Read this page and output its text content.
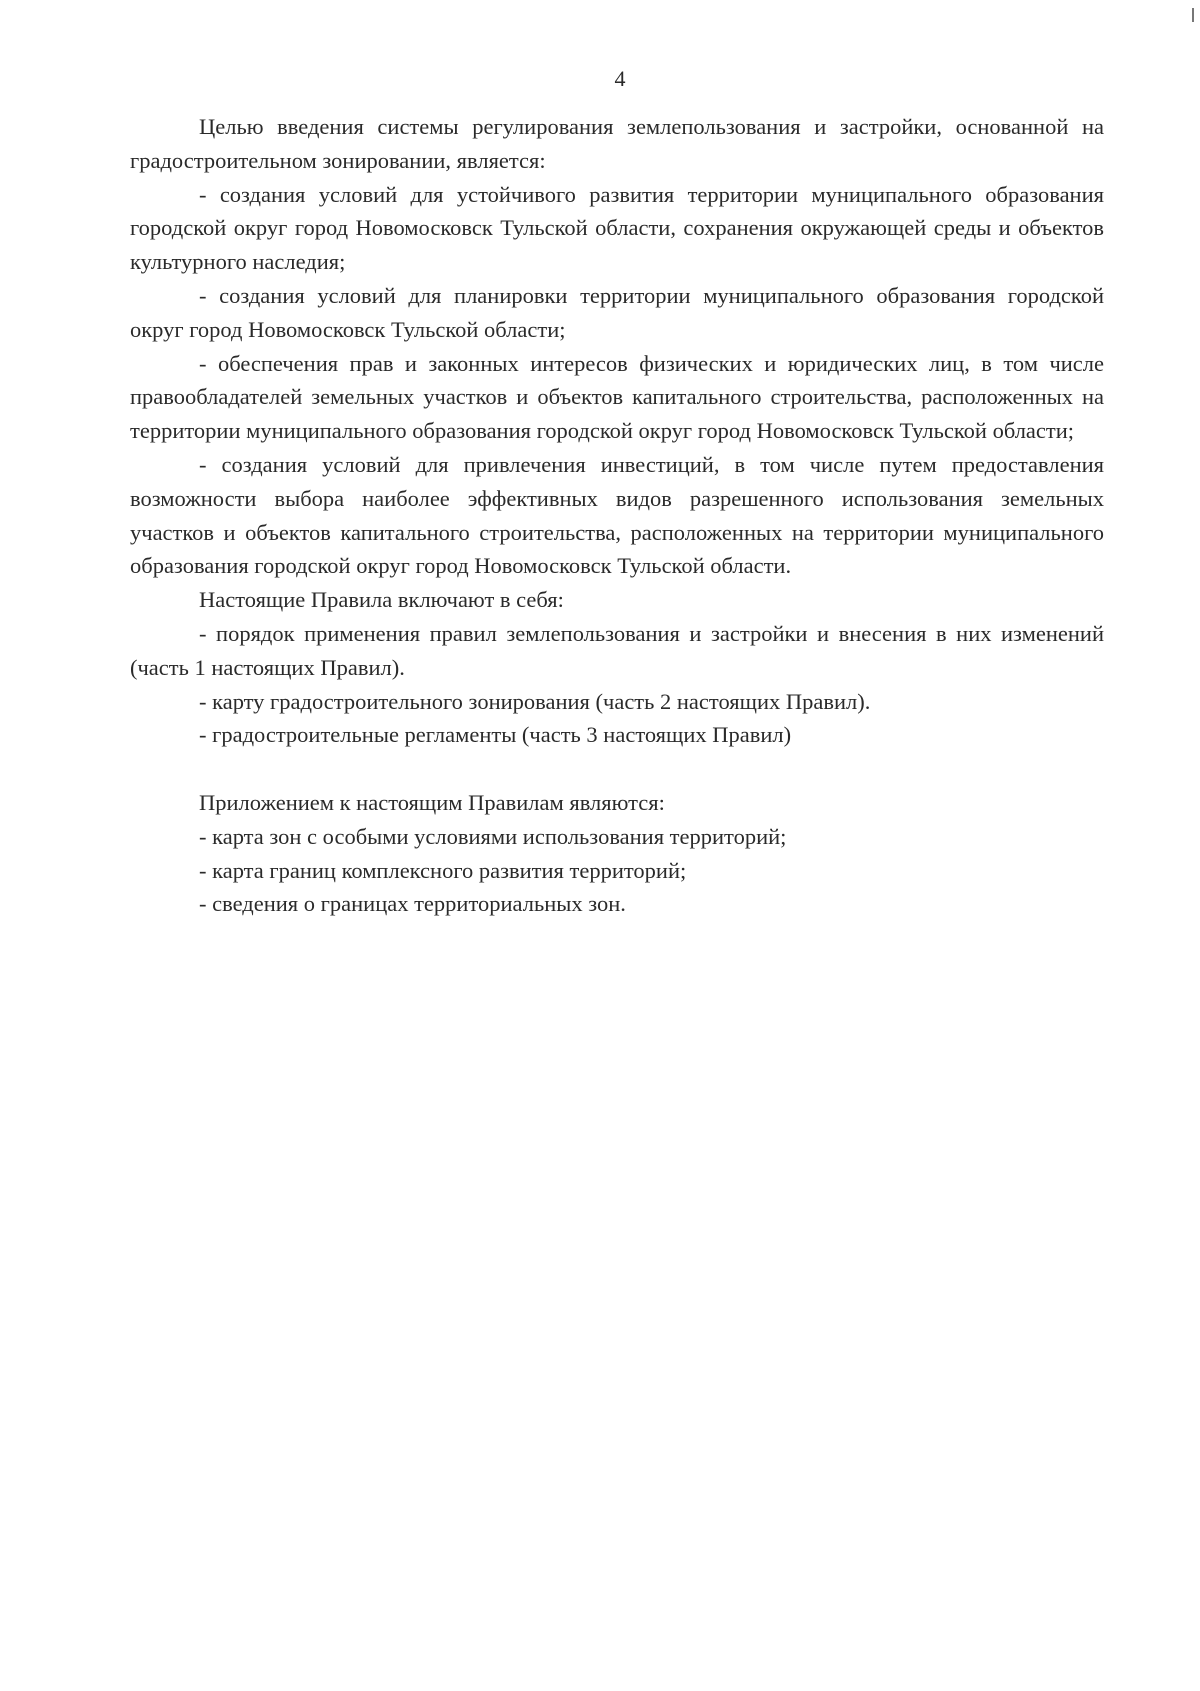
4

Целью введения системы регулирования землепользования и застройки, основанной на градостроительном зонировании, является:

- создания условий для устойчивого развития территории муниципального образования городской округ город Новомосковск Тульской области, сохранения окружающей среды и объектов культурного наследия;

- создания условий для планировки территории муниципального образования городской округ город Новомосковск Тульской области;

- обеспечения прав и законных интересов физических и юридических лиц, в том числе правообладателей земельных участков и объектов капитального строительства, расположенных на территории муниципального образования городской округ город Новомосковск Тульской области;

- создания условий для привлечения инвестиций, в том числе путем предоставления возможности выбора наиболее эффективных видов разрешенного использования земельных участков и объектов капитального строительства, расположенных на территории муниципального образования городской округ город Новомосковск Тульской области.

Настоящие Правила включают в себя:

- порядок применения правил землепользования и застройки и внесения в них изменений (часть 1 настоящих Правил).

- карту градостроительного зонирования (часть 2 настоящих Правил).

- градостроительные регламенты (часть 3 настоящих Правил)

Приложением к настоящим Правилам являются:

- карта зон с особыми условиями использования территорий;

- карта границ комплексного развития территорий;

- сведения о границах территориальных зон.
